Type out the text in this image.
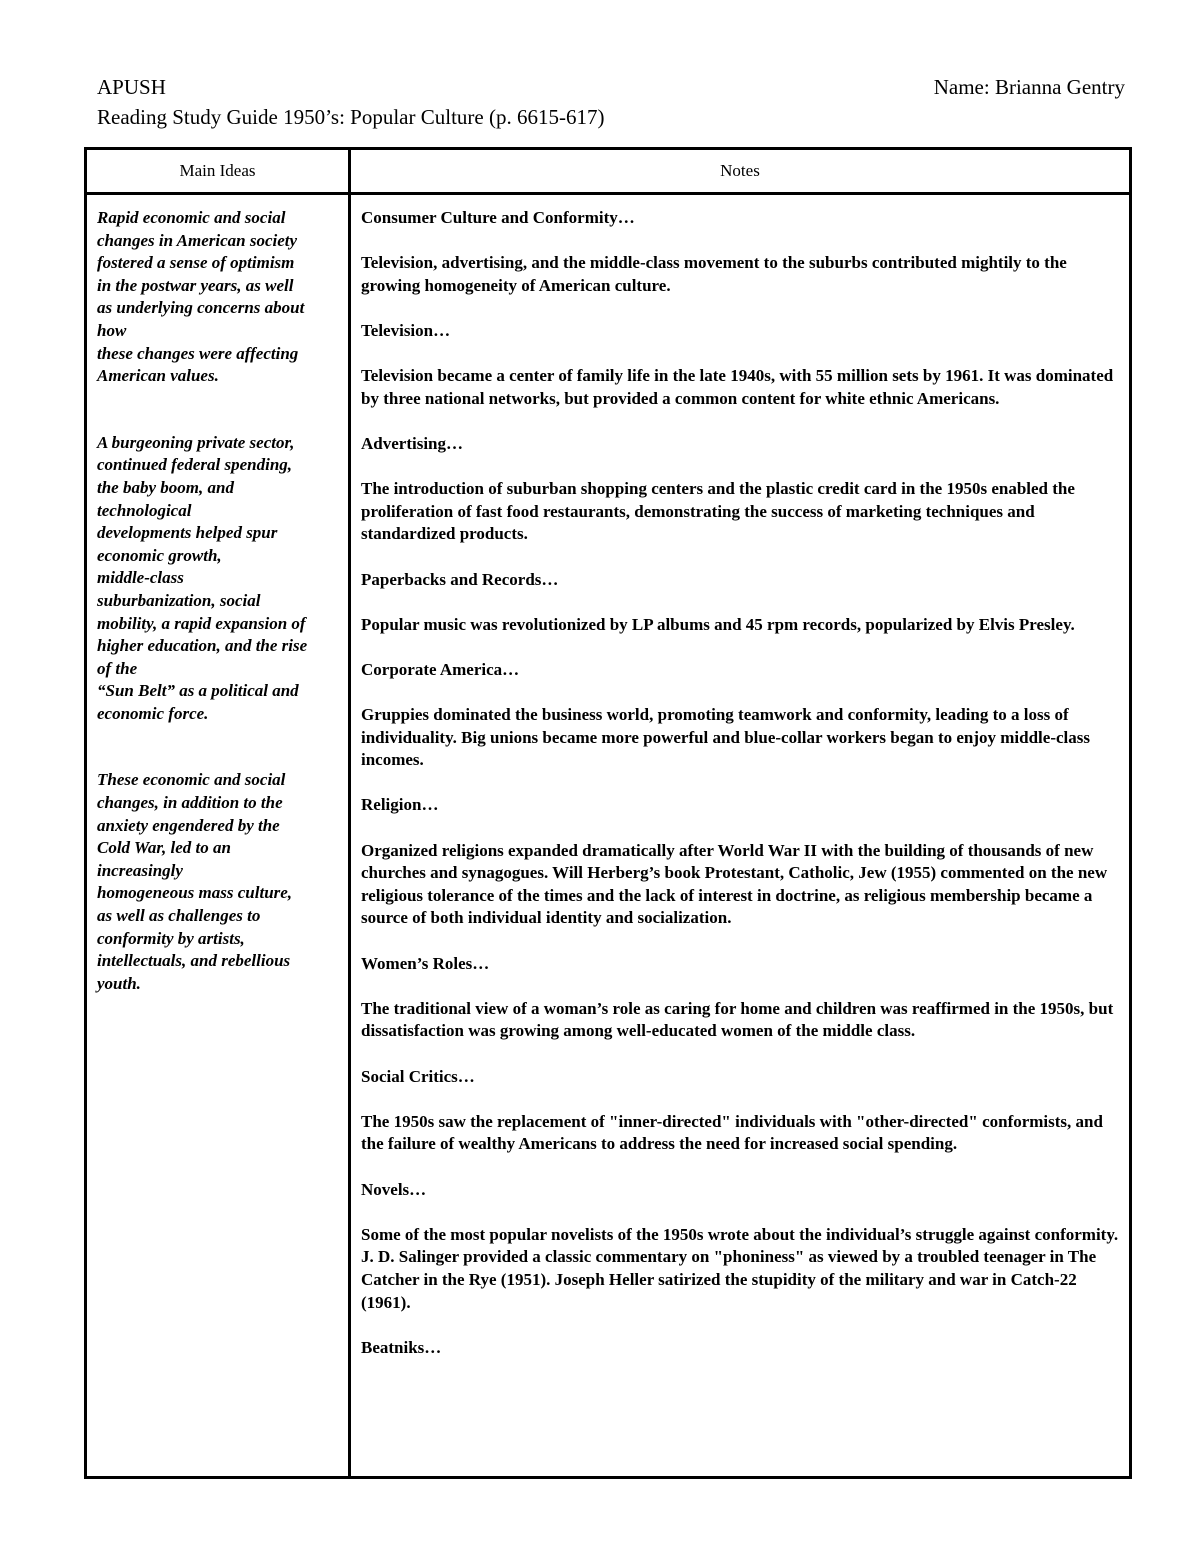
APUSH	Name: Brianna Gentry
Reading Study Guide 1950’s: Popular Culture (p. 6615-617)
Main Ideas	Notes

Rapid economic and social
changes in American society
fostered a sense of optimism
in the postwar years, as well
as underlying concerns about
how
these changes were affecting
American values.

A burgeoning private sector,
continued federal spending,
the baby boom, and
technological
developments helped spur
economic growth,
middle-class
suburbanization, social
mobility, a rapid expansion of
higher education, and the rise
of the
“Sun Belt” as a political and
economic force.

These economic and social
changes, in addition to the
anxiety engendered by the
Cold War, led to an
increasingly
homogeneous mass culture,
as well as challenges to
conformity by artists,
intellectuals, and rebellious
youth.

Consumer Culture and Conformity…
Television, advertising, and the middle-class movement to the suburbs contributed mightily to the growing homogeneity of American culture.
Television…
Television became a center of family life in the late 1940s, with 55 million sets by 1961. It was dominated by three national networks, but provided a common content for white ethnic Americans.
Advertising…
The introduction of suburban shopping centers and the plastic credit card in the 1950s enabled the proliferation of fast food restaurants, demonstrating the success of marketing techniques and standardized products.
Paperbacks and Records…
Popular music was revolutionized by LP albums and 45 rpm records, popularized by Elvis Presley.
Corporate America…
Gruppies dominated the business world, promoting teamwork and conformity, leading to a loss of individuality. Big unions became more powerful and blue-collar workers began to enjoy middle-class incomes.
Religion…
Organized religions expanded dramatically after World War II with the building of thousands of new churches and synagogues. Will Herberg’s book Protestant, Catholic, Jew (1955) commented on the new religious tolerance of the times and the lack of interest in doctrine, as religious membership became a source of both individual identity and socialization.
Women’s Roles…
The traditional view of a woman’s role as caring for home and children was reaffirmed in the 1950s, but dissatisfaction was growing among well-educated women of the middle class.
Social Critics…
The 1950s saw the replacement of "inner-directed" individuals with "other-directed" conformists, and the failure of wealthy Americans to address the need for increased social spending.
Novels…
Some of the most popular novelists of the 1950s wrote about the individual’s struggle against conformity. J. D. Salinger provided a classic commentary on "phoniness" as viewed by a troubled teenager in The Catcher in the Rye (1951). Joseph Heller satirized the stupidity of the military and war in Catch-22 (1961).
Beatniks…
